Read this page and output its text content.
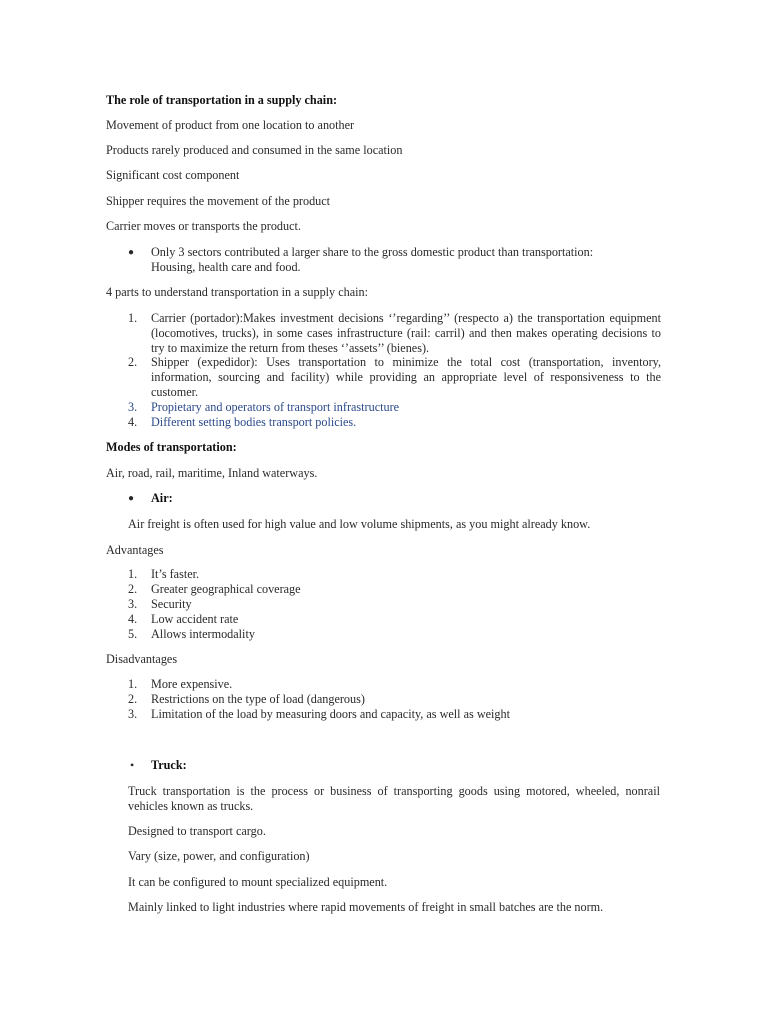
The role of transportation in a supply chain:

Movement of product from one location to another

Products rarely produced and consumed in the same location

Significant cost component

Shipper requires the movement of the product

Carrier moves or transports the product.

● Only 3 sectors contributed a larger share to the gross domestic product than transportation:
Housing, health care and food.

4 parts to understand transportation in a supply chain:

1. Carrier (portador):Makes investment decisions ‘’regarding’’ (respecto a) the transportation equipment (locomotives, trucks), in some cases infrastructure (rail: carril) and then makes operating decisions to try to maximize the return from theses ‘’assets’’ (bienes).
2. Shipper (expedidor): Uses transportation to minimize the total cost (transportation, inventory, information, sourcing and facility) while providing an appropriate level of responsiveness to the customer.
3. Propietary and operators of transport infrastructure
4. Different setting bodies transport policies.

Modes of transportation:

Air, road, rail, maritime, Inland waterways.

● Air:

Air freight is often used for high value and low volume shipments, as you might already know.

Advantages

1. It’s faster.
2. Greater geographical coverage
3. Security
4. Low accident rate
5. Allows intermodality

Disadvantages

1. More expensive.
2. Restrictions on the type of load (dangerous)
3. Limitation of the load by measuring doors and capacity, as well as weight
• Truck:
Truck transportation is the process or business of transporting goods using motored, wheeled, nonrail vehicles known as trucks.

Designed to transport cargo.

Vary (size, power, and configuration)

It can be configured to mount specialized equipment.

Mainly linked to light industries where rapid movements of freight in small batches are the norm.
